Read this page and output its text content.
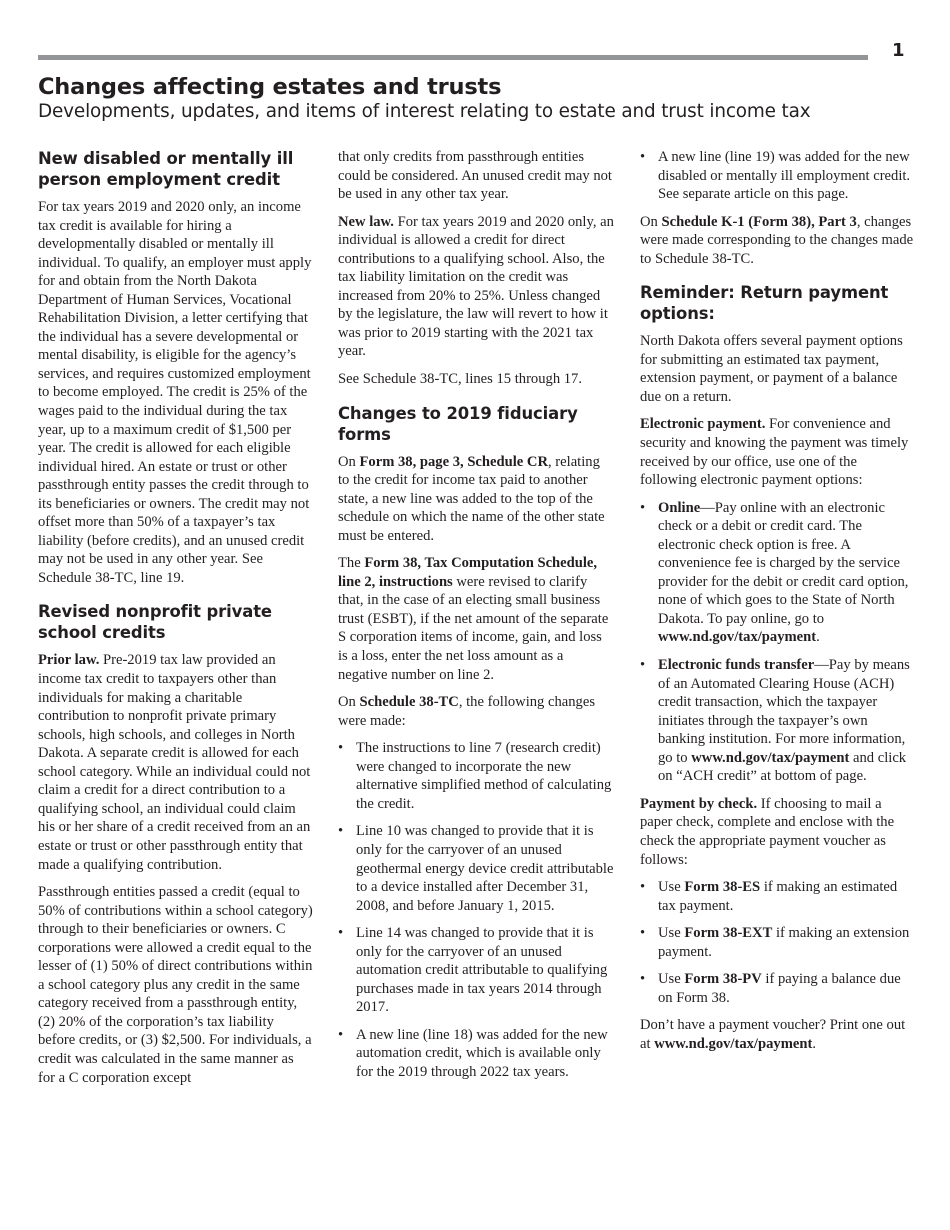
1
Changes affecting estates and trusts
Developments, updates, and items of interest relating to estate and trust income tax
New disabled or mentally ill person employment credit

For tax years 2019 and 2020 only, an income tax credit is available for hiring a developmentally disabled or mentally ill individual. To qualify, an employer must apply for and obtain from the North Dakota Department of Human Services, Vocational Rehabilitation Division, a letter certifying that the individual has a severe developmental or mental disability, is eligible for the agency’s services, and requires customized employment to become employed. The credit is 25% of the wages paid to the individual during the tax year, up to a maximum credit of $1,500 per year. The credit is allowed for each eligible individual hired. An estate or trust or other passthrough entity passes the credit through to its beneficiaries or owners. The credit may not offset more than 50% of a taxpayer’s tax liability (before credits), and an unused credit may not be used in any other year. See Schedule 38-TC, line 19.

Revised nonprofit private school credits

Prior law. Pre-2019 tax law provided an income tax credit to taxpayers other than individuals for making a charitable contribution to nonprofit private primary schools, high schools, and colleges in North Dakota. A separate credit is allowed for each school category. While an individual could not claim a credit for a direct contribution to a qualifying school, an individual could claim his or her share of a credit received from an an estate or trust or other passthrough entity that made a qualifying contribution.

Passthrough entities passed a credit (equal to 50% of contributions within a school category) through to their beneficiaries or owners. C corporations were allowed a credit equal to the lesser of (1) 50% of direct contributions within a school category plus any credit in the same category received from a passthrough entity, (2) 20% of the corporation’s tax liability before credits, or (3) $2,500. For individuals, a credit was calculated in the same manner as for a C corporation except

that only credits from passthrough entities could be considered. An unused credit may not be used in any other tax year.

New law. For tax years 2019 and 2020 only, an individual is allowed a credit for direct contributions to a qualifying school. Also, the tax liability limitation on the credit was increased from 20% to 25%. Unless changed by the legislature, the law will revert to how it was prior to 2019 starting with the 2021 tax year.

See Schedule 38-TC, lines 15 through 17.

Changes to 2019 fiduciary forms

On Form 38, page 3, Schedule CR, relating to the credit for income tax paid to another state, a new line was added to the top of the schedule on which the name of the other state must be entered.

The Form 38, Tax Computation Schedule, line 2, instructions were revised to clarify that, in the case of an electing small business trust (ESBT), if the net amount of the separate S corporation items of income, gain, and loss is a loss, enter the net loss amount as a negative number on line 2.

On Schedule 38-TC, the following changes were made:

• The instructions to line 7 (research credit) were changed to incorporate the new alternative simplified method of calculating the credit.
• Line 10 was changed to provide that it is only for the carryover of an unused geothermal energy device credit attributable to a device installed after December 31, 2008, and before January 1, 2015.
• Line 14 was changed to provide that it is only for the carryover of an unused automation credit attributable to qualifying purchases made in tax years 2014 through 2017.
• A new line (line 18) was added for the new automation credit, which is available only for the 2019 through 2022 tax years.
• A new line (line 19) was added for the new disabled or mentally ill employment credit. See separate article on this page.

On Schedule K-1 (Form 38), Part 3, changes were made corresponding to the changes made to Schedule 38-TC.

Reminder: Return payment options:

North Dakota offers several payment options for submitting an estimated tax payment, extension payment, or payment of a balance due on a return.

Electronic payment. For convenience and security and knowing the payment was timely received by our office, use one of the following electronic payment options:

• Online—Pay online with an electronic check or a debit or credit card. The electronic check option is free. A convenience fee is charged by the service provider for the debit or credit card option, none of which goes to the State of North Dakota. To pay online, go to www.nd.gov/tax/payment.
• Electronic funds transfer—Pay by means of an Automated Clearing House (ACH) credit transaction, which the taxpayer initiates through the taxpayer’s own banking institution. For more information, go to www.nd.gov/tax/payment and click on “ACH credit” at bottom of page.

Payment by check. If choosing to mail a paper check, complete and enclose with the check the appropriate payment voucher as follows:

• Use Form 38-ES if making an estimated tax payment.
• Use Form 38-EXT if making an extension payment.
• Use Form 38-PV if paying a balance due on Form 38.

Don’t have a payment voucher? Print one out at www.nd.gov/tax/payment.
